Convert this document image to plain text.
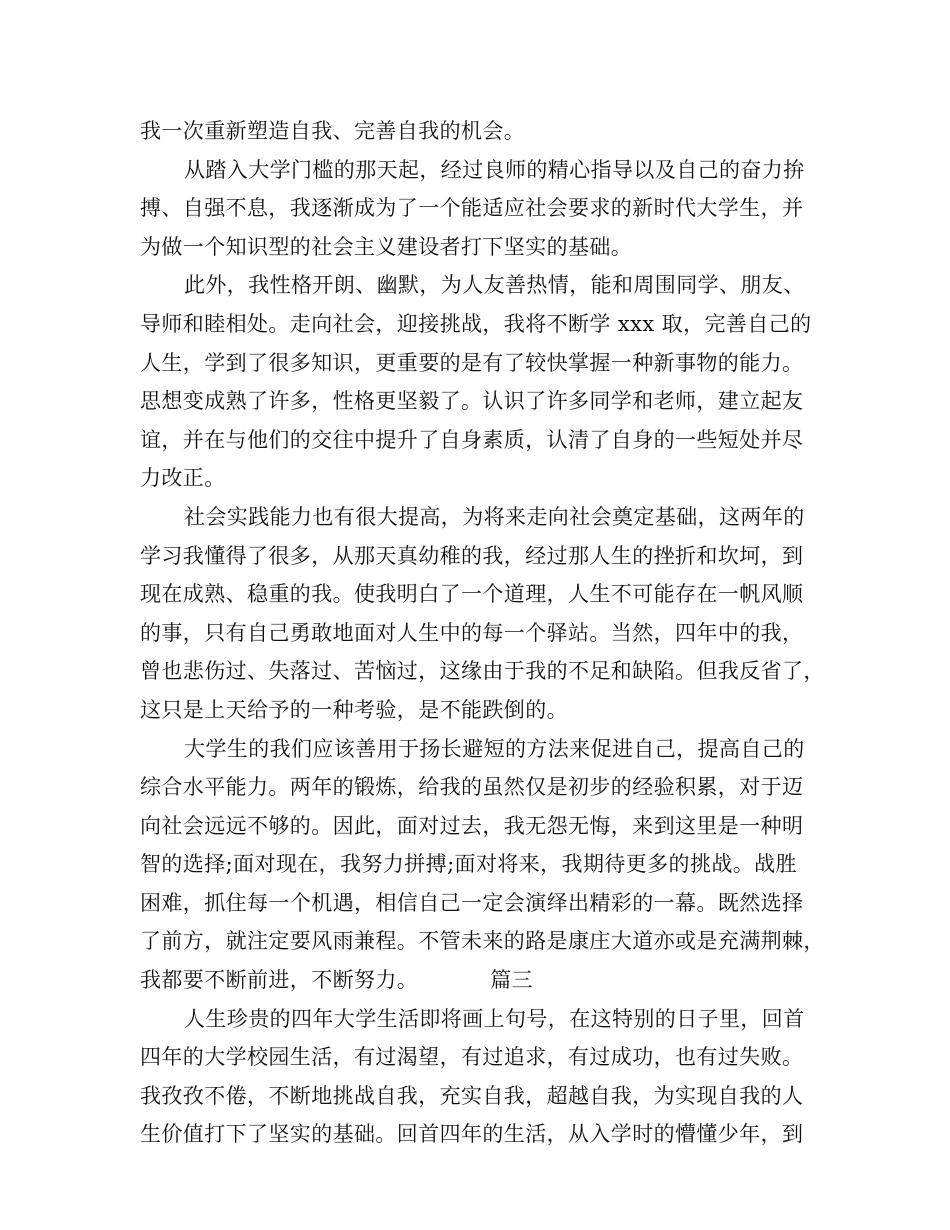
我一次重新塑造自我、完善自我的机会。
从踏入大学门槛的那天起，经过良师的精心指导以及自己的奋力拚
搏、自强不息，我逐渐成为了一个能适应社会要求的新时代大学生，并
为做一个知识型的社会主义建设者打下坚实的基础。
此外，我性格开朗、幽默，为人友善热情，能和周围同学、朋友、
导师和睦相处。走向社会，迎接挑战，我将不断学 xxx 取，完善自己的
人生，学到了很多知识，更重要的是有了较快掌握一种新事物的能力。
思想变成熟了许多，性格更坚毅了。认识了许多同学和老师，建立起友
谊，并在与他们的交往中提升了自身素质，认清了自身的一些短处并尽
力改正。
社会实践能力也有很大提高，为将来走向社会奠定基础，这两年的
学习我懂得了很多，从那天真幼稚的我，经过那人生的挫折和坎坷，到
现在成熟、稳重的我。使我明白了一个道理，人生不可能存在一帆风顺
的事，只有自己勇敢地面对人生中的每一个驿站。当然，四年中的我，
曾也悲伤过、失落过、苦恼过，这缘由于我的不足和缺陷。但我反省了，
这只是上天给予的一种考验，是不能跌倒的。
大学生的我们应该善用于扬长避短的方法来促进自己，提高自己的
综合水平能力。两年的锻炼，给我的虽然仅是初步的经验积累，对于迈
向社会远远不够的。因此，面对过去，我无怨无悔，来到这里是一种明
智的选择;面对现在，我努力拼搏;面对将来，我期待更多的挑战。战胜
困难，抓住每一个机遇，相信自己一定会演绎出精彩的一幕。既然选择
了前方，就注定要风雨兼程。不管未来的路是康庄大道亦或是充满荆棘，
我都要不断前进，不断努力。	篇三
人生珍贵的四年大学生活即将画上句号，在这特别的日子里，回首
四年的大学校园生活，有过渴望，有过追求，有过成功，也有过失败。
我孜孜不倦，不断地挑战自我，充实自我，超越自我，为实现自我的人
生价值打下了坚实的基础。回首四年的生活，从入学时的懵懂少年，到
